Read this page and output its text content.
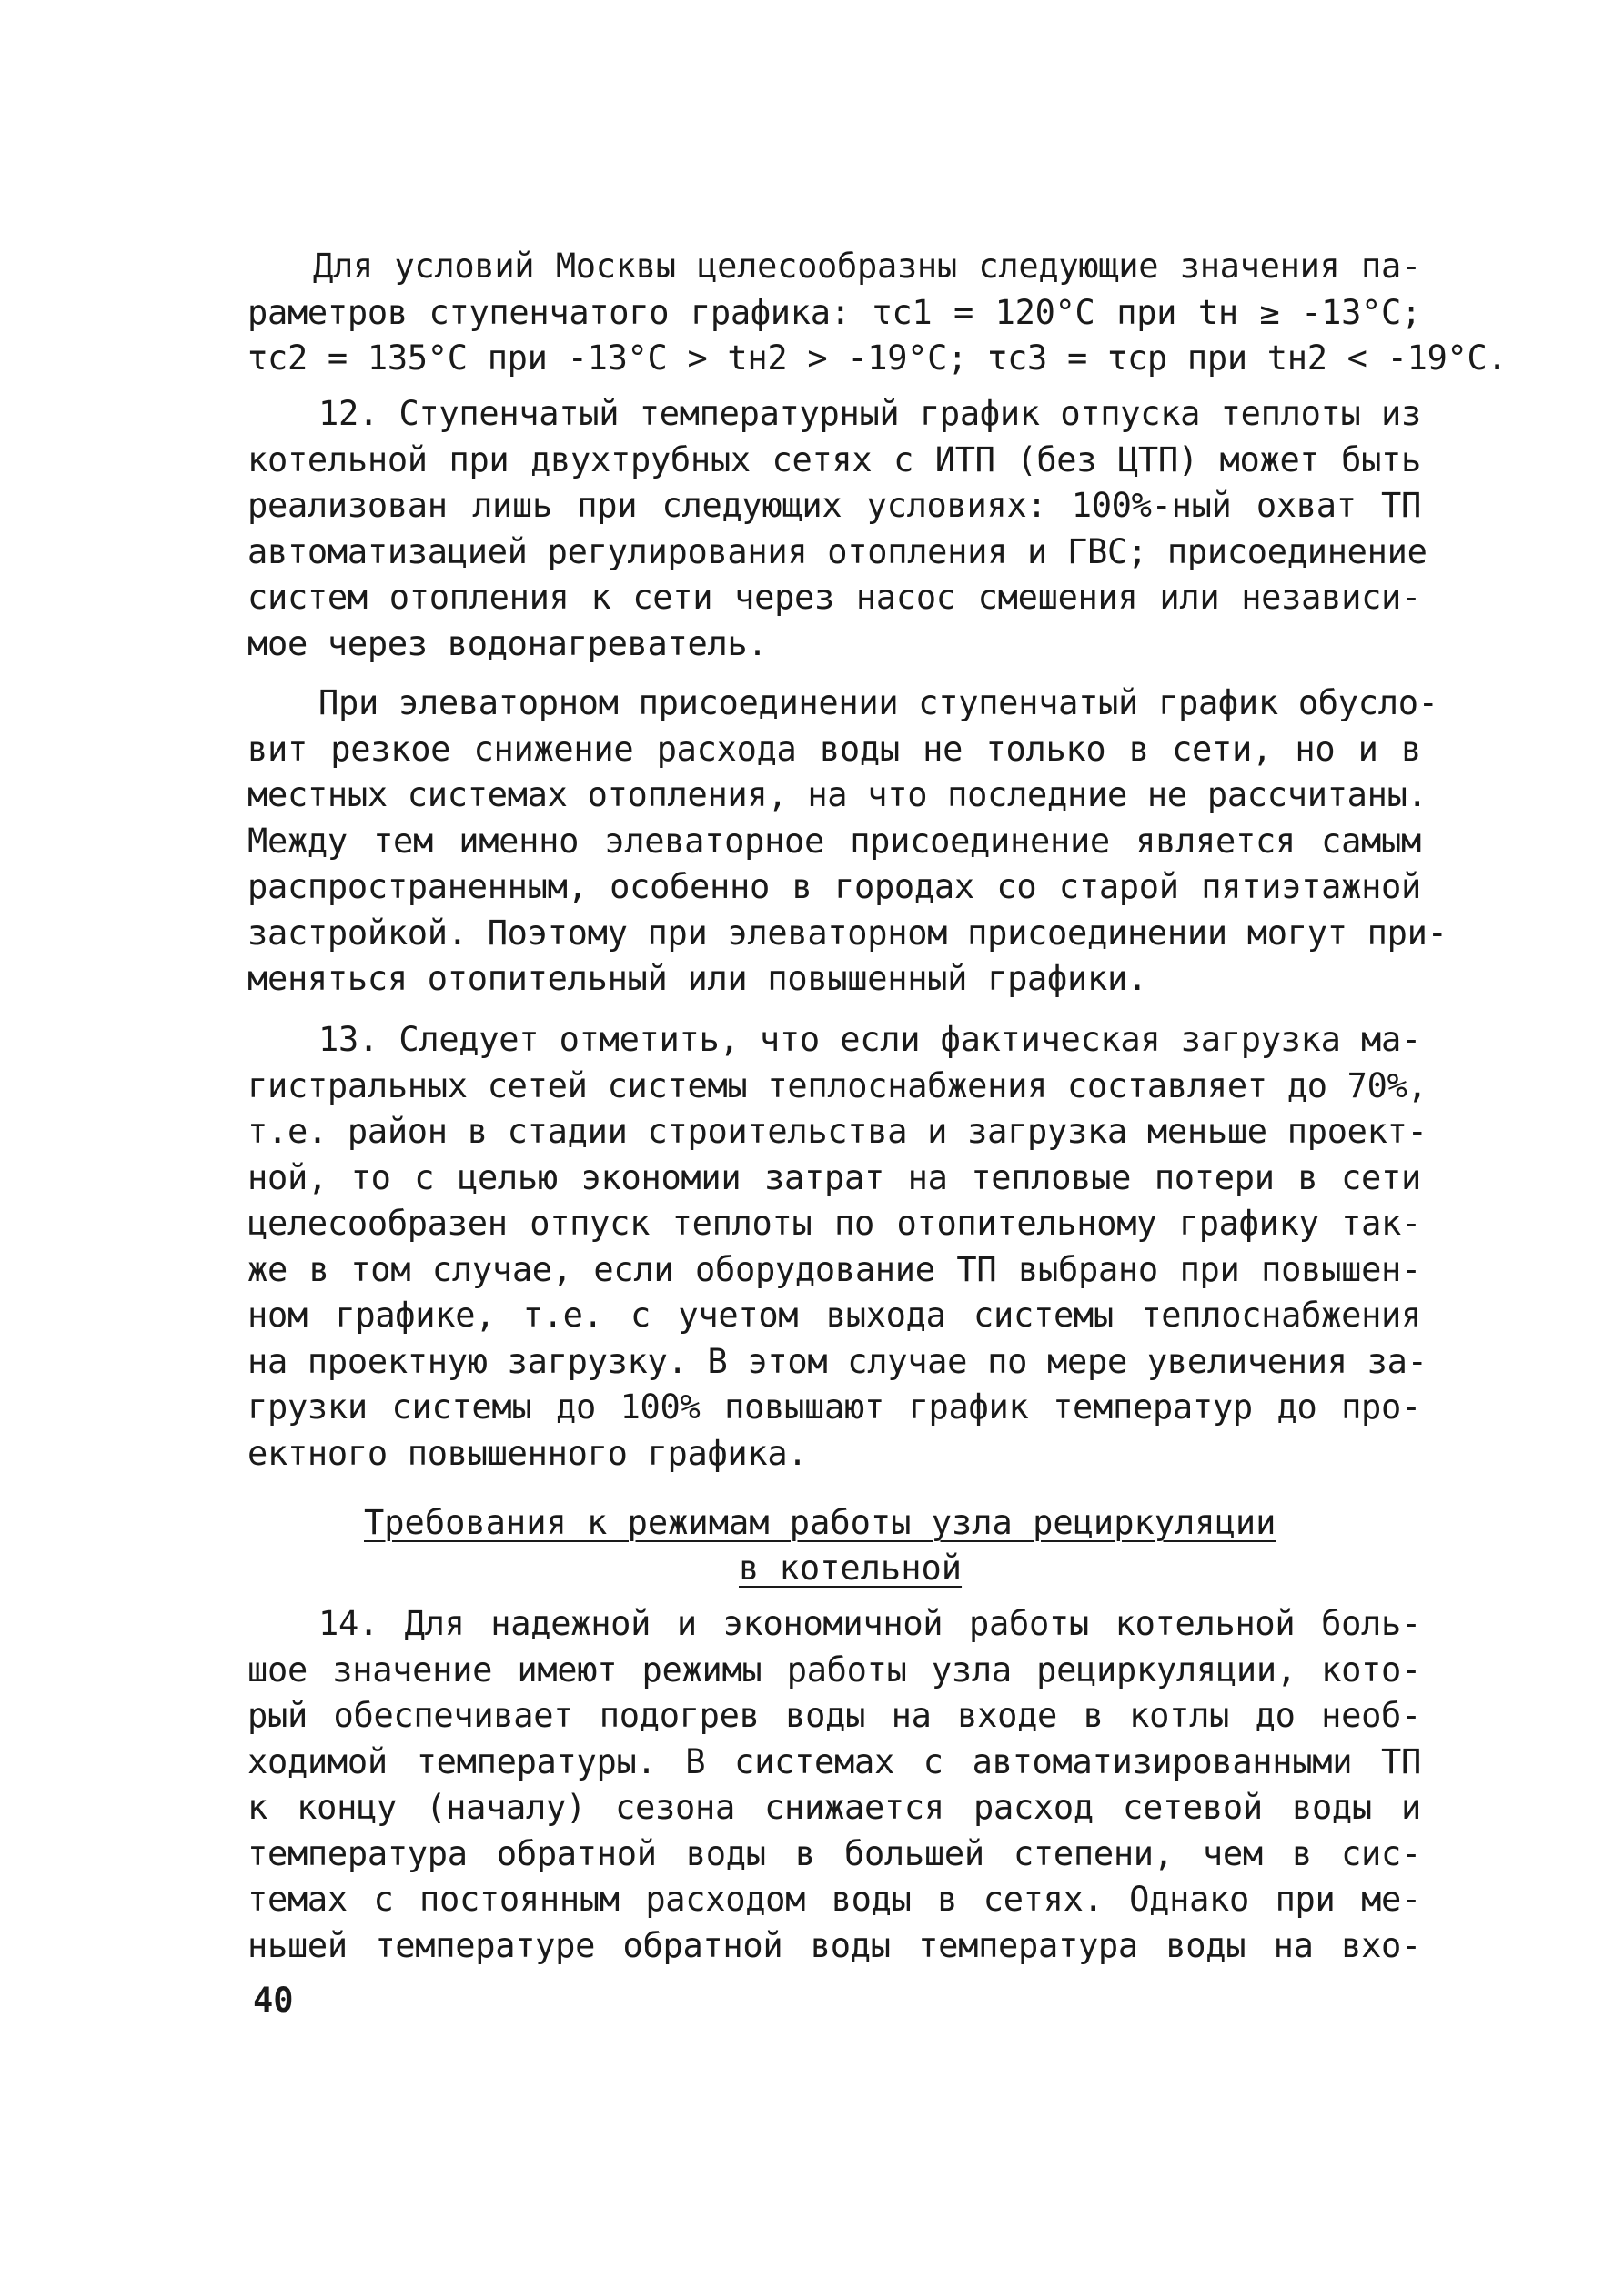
Для условий Москвы целесообразны следующие значения па-
раметров ступенчатого графика: τс1 = 120°С при tн ≥ -13°С;
τс2 = 135°С при -13°С > tн2 > -19°С; τс3 = τср при tн2 < -19°С.
12. Ступенчатый температурный график отпуска теплоты из
котельной при двухтрубных сетях с ИТП (без ЦТП) может быть
реализован лишь при следующих условиях: 100%-ный охват ТП
автоматизацией регулирования отопления и ГВС; присоединение
систем отопления к сети через насос смешения или независи-
мое через водонагреватель.
При элеваторном присоединении ступенчатый график обусло-
вит резкое снижение расхода воды не только в сети, но и в
местных системах отопления, на что последние не рассчитаны.
Между тем именно элеваторное присоединение является самым
распространенным, особенно в городах со старой пятиэтажной
застройкой. Поэтому при элеваторном присоединении могут при-
меняться отопительный или повышенный графики.
13. Следует отметить, что если фактическая загрузка ма-
гистральных сетей системы теплоснабжения составляет до 70%,
т.е. район в стадии строительства и загрузка меньше проект-
ной, то с целью экономии затрат на тепловые потери в сети
целесообразен отпуск теплоты по отопительному графику так-
же в том случае, если оборудование ТП выбрано при повышен-
ном графике, т.е. с учетом выхода системы теплоснабжения
на проектную загрузку. В этом случае по мере увеличения за-
грузки системы до 100% повышают график температур до про-
ектного повышенного графика.
Требования к режимам работы узла рециркуляции
в котельной
14. Для надежной и экономичной работы котельной боль-
шое значение имеют режимы работы узла рециркуляции, кото-
рый обеспечивает подогрев воды на входе в котлы до необ-
ходимой температуры. В системах с автоматизированными ТП
к концу (началу) сезона снижается расход сетевой воды и
температура обратной воды в большей степени, чем в сис-
темах с постоянным расходом воды в сетях. Однако при ме-
ньшей температуре обратной воды температура воды на вхо-
40
